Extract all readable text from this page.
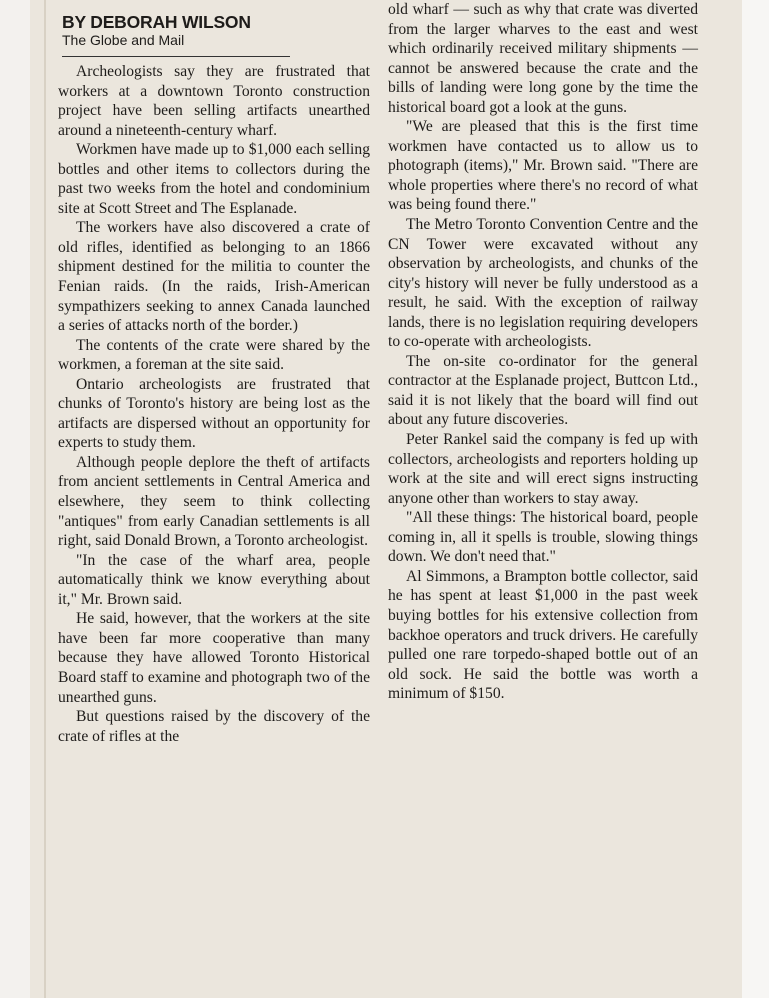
BY DEBORAH WILSON
The Globe and Mail

Archeologists say they are frustrated that workers at a downtown Toronto construction project have been selling artifacts unearthed around a nineteenth-century wharf.

Workmen have made up to $1,000 each selling bottles and other items to collectors during the past two weeks from the hotel and condominium site at Scott Street and The Esplanade.

The workers have also discovered a crate of old rifles, identified as belonging to an 1866 shipment destined for the militia to counter the Fenian raids. (In the raids, Irish-American sympathizers seeking to annex Canada launched a series of attacks north of the border.)

The contents of the crate were shared by the workmen, a foreman at the site said.

Ontario archeologists are frustrated that chunks of Toronto's history are being lost as the artifacts are dispersed without an opportunity for experts to study them.

Although people deplore the theft of artifacts from ancient settlements in Central America and elsewhere, they seem to think collecting "antiques" from early Canadian settlements is all right, said Donald Brown, a Toronto archeologist.

"In the case of the wharf area, people automatically think we know everything about it," Mr. Brown said.

He said, however, that the workers at the site have been far more cooperative than many because they have allowed Toronto Historical Board staff to examine and photograph two of the unearthed guns.

But questions raised by the discovery of the crate of rifles at the

old wharf — such as why that crate was diverted from the larger wharves to the east and west which ordinarily received military shipments — cannot be answered because the crate and the bills of landing were long gone by the time the historical board got a look at the guns.

"We are pleased that this is the first time workmen have contacted us to allow us to photograph (items)," Mr. Brown said. "There are whole properties where there's no record of what was being found there."

The Metro Toronto Convention Centre and the CN Tower were excavated without any observation by archeologists, and chunks of the city's history will never be fully understood as a result, he said. With the exception of railway lands, there is no legislation requiring developers to co-operate with archeologists.

The on-site co-ordinator for the general contractor at the Esplanade project, Buttcon Ltd., said it is not likely that the board will find out about any future discoveries.

Peter Rankel said the company is fed up with collectors, archeologists and reporters holding up work at the site and will erect signs instructing anyone other than workers to stay away.

"All these things: The historical board, people coming in, all it spells is trouble, slowing things down. We don't need that."

Al Simmons, a Brampton bottle collector, said he has spent at least $1,000 in the past week buying bottles for his extensive collection from backhoe operators and truck drivers. He carefully pulled one rare torpedo-shaped bottle out of an old sock. He said the bottle was worth a minimum of $150.
